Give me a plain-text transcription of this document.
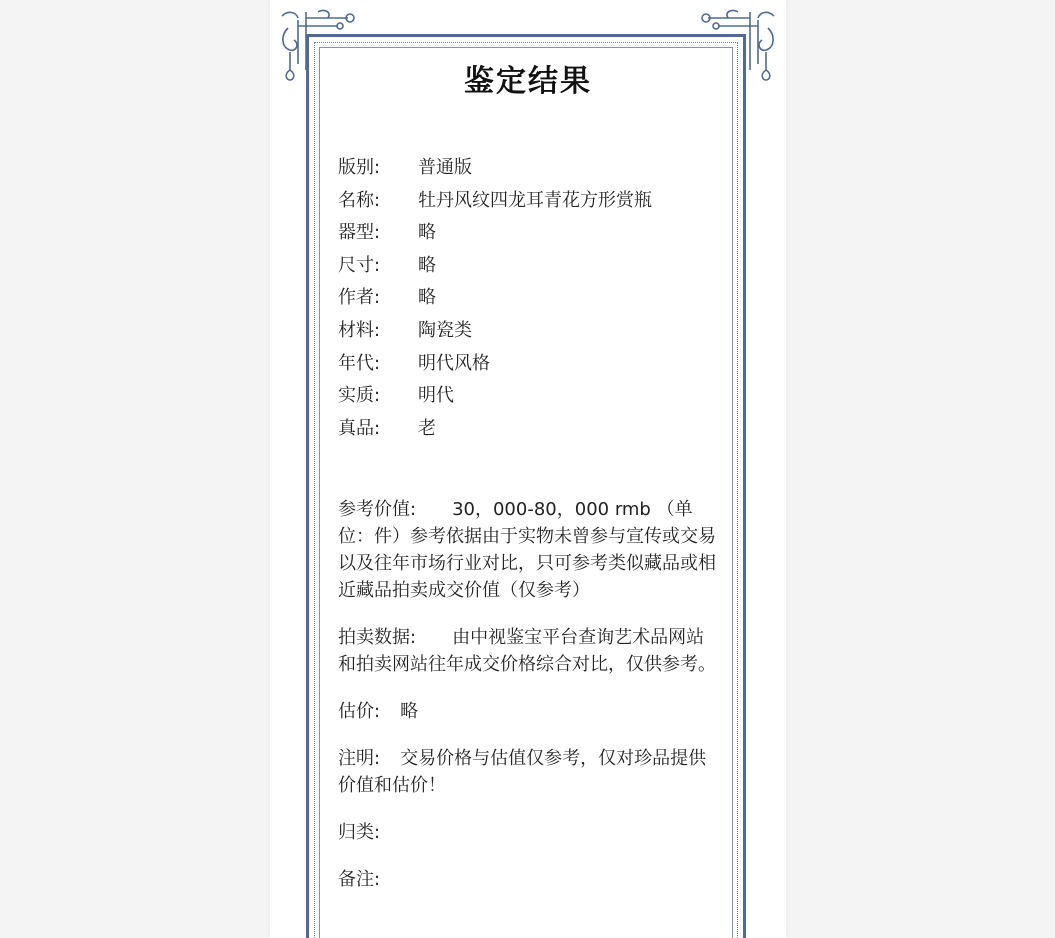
鉴定结果
版别:	普通版
名称:	牡丹风纹四龙耳青花方形赏瓶
器型:	略
尺寸:	略
作者:	略
材料:	陶瓷类
年代:	明代风格
实质:	明代
真品:	老

参考价值: 30，000-80，000 rmb （单位：件）参考依据由于实物未曾参与宣传或交易以及往年市场行业对比，只可参考类似藏品或相近藏品拍卖成交价值（仅参考）

拍卖数据: 由中视鉴宝平台查询艺术品网站和拍卖网站往年成交价格综合对比，仅供参考。

估价: 略

注明: 交易价格与估值仅参考，仅对珍品提供价值和估价！

归类:

备注:
